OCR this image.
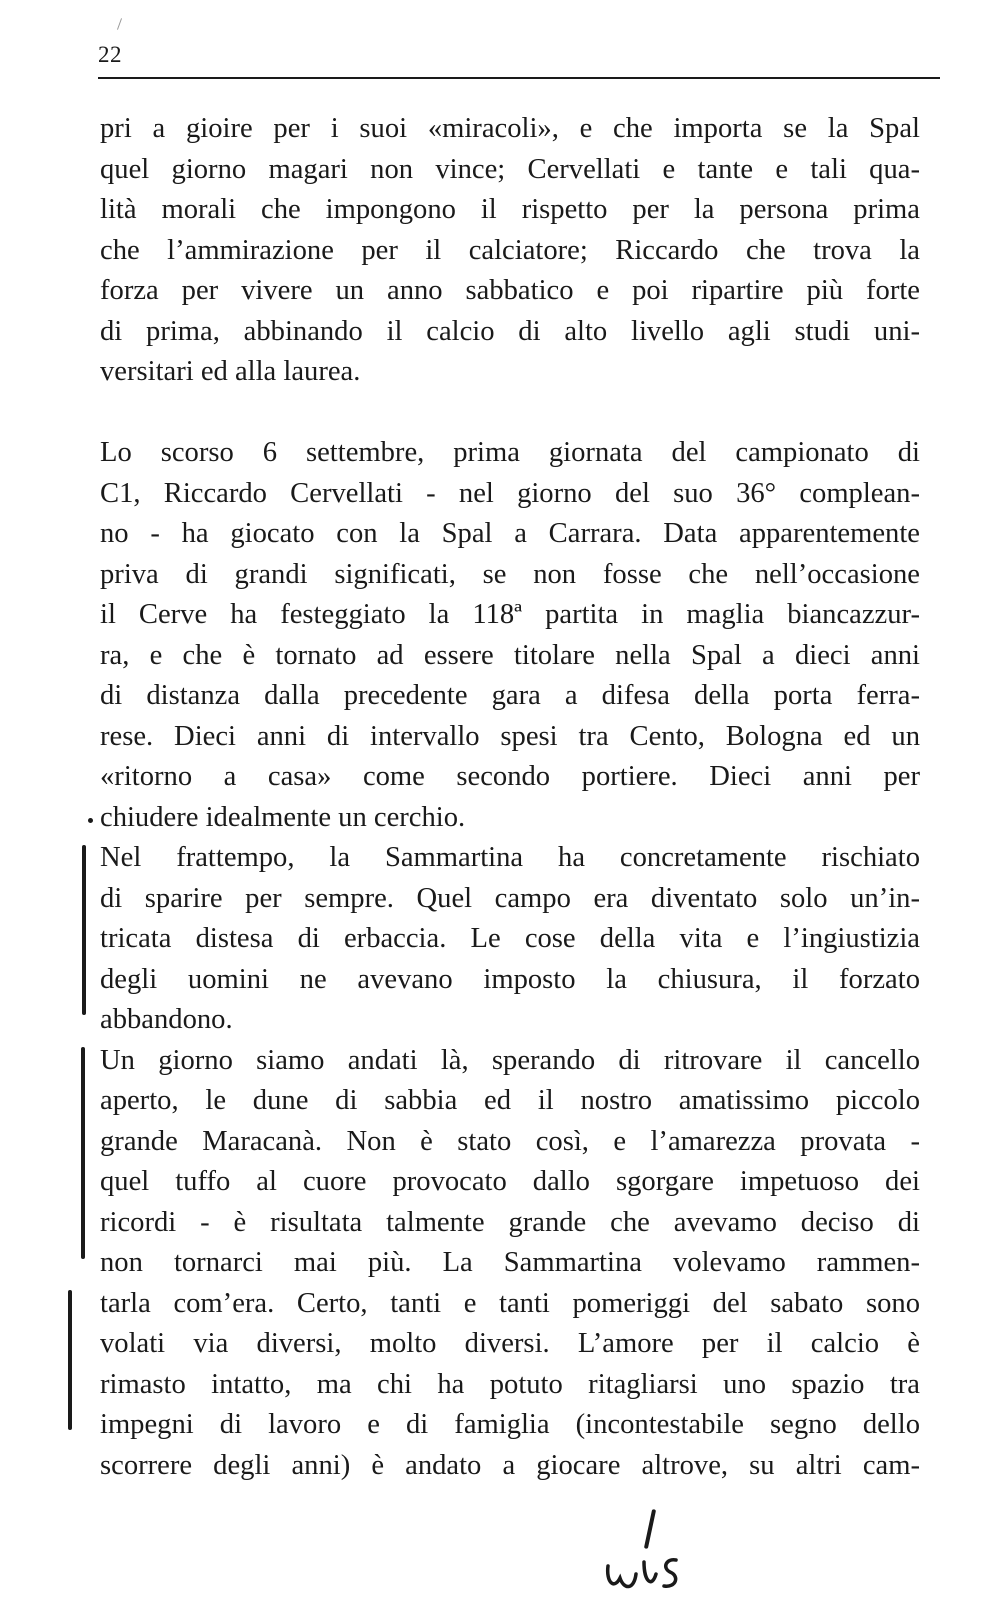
22
pri a gioire per i suoi «miracoli», e che importa se la Spal
quel giorno magari non vince; Cervellati e tante e tali qua-
lità morali che impongono il rispetto per la persona prima
che l’ammirazione per il calciatore; Riccardo che trova la
forza per vivere un anno sabbatico e poi ripartire più forte
di prima, abbinando il calcio di alto livello agli studi uni-
versitari ed alla laurea.
Lo scorso 6 settembre, prima giornata del campionato di
C1, Riccardo Cervellati - nel giorno del suo 36° complean-
no - ha giocato con la Spal a Carrara. Data apparentemente
priva di grandi significati, se non fosse che nell’occasione
il Cerve ha festeggiato la 118ª partita in maglia biancazzur-
ra, e che è tornato ad essere titolare nella Spal a dieci anni
di distanza dalla precedente gara a difesa della porta ferra-
rese. Dieci anni di intervallo spesi tra Cento, Bologna ed un
«ritorno a casa» come secondo portiere. Dieci anni per
chiudere idealmente un cerchio.
Nel frattempo, la Sammartina ha concretamente rischiato
di sparire per sempre. Quel campo era diventato solo un’in-
tricata distesa di erbaccia. Le cose della vita e l’ingiustizia
degli uomini ne avevano imposto la chiusura, il forzato
abbandono.
Un giorno siamo andati là, sperando di ritrovare il cancello
aperto, le dune di sabbia ed il nostro amatissimo piccolo
grande Maracanà. Non è stato così, e l’amarezza provata -
quel tuffo al cuore provocato dallo sgorgare impetuoso dei
ricordi - è risultata talmente grande che avevamo deciso di
non tornarci mai più. La Sammartina volevamo rammen-
tarla com’era. Certo, tanti e tanti pomeriggi del sabato sono
volati via diversi, molto diversi. L’amore per il calcio è
rimasto intatto, ma chi ha potuto ritagliarsi uno spazio tra
impegni di lavoro e di famiglia (incontestabile segno dello
scorrere degli anni) è andato a giocare altrove, su altri cam-
